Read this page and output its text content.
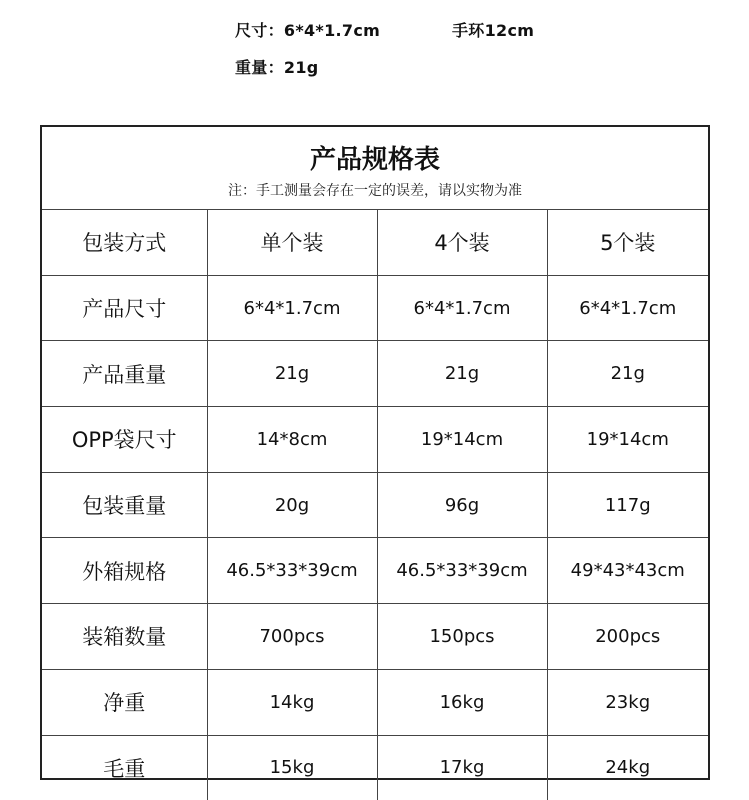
尺寸：6*4*1.7cm	手环12cm
重量：21g
产品规格表
注：手工测量会存在一定的误差，请以实物为准
包装方式	单个装	4个装	5个装
产品尺寸	6*4*1.7cm	6*4*1.7cm	6*4*1.7cm
产品重量	21g	21g	21g
OPP袋尺寸	14*8cm	19*14cm	19*14cm
包装重量	20g	96g	117g
外箱规格	46.5*33*39cm	46.5*33*39cm	49*43*43cm
装箱数量	700pcs	150pcs	200pcs
净重	14kg	16kg	23kg
毛重	15kg	17kg	24kg
